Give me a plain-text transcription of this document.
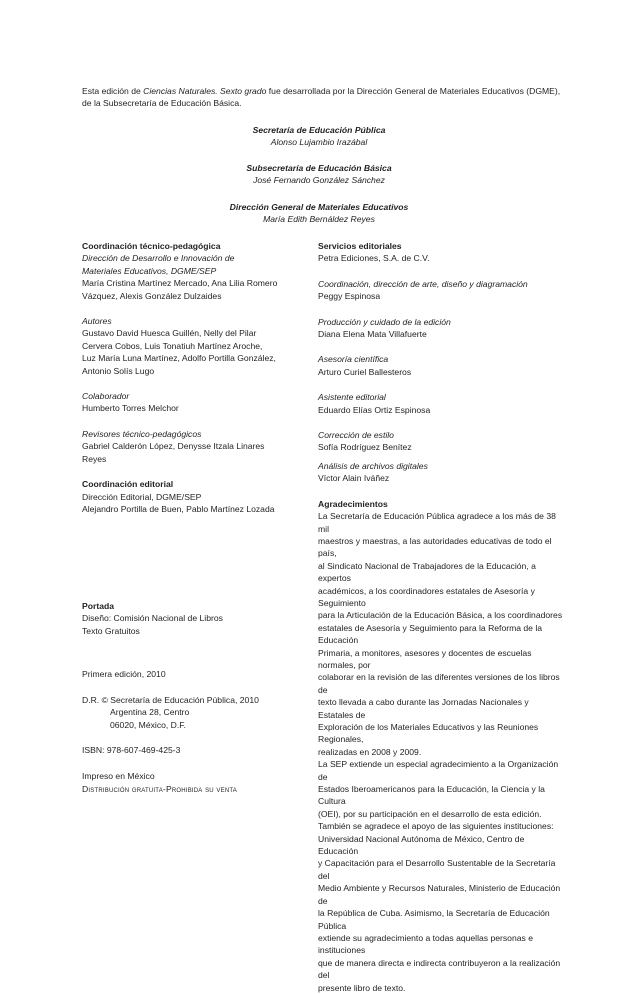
Esta edición de Ciencias Naturales. Sexto grado fue desarrollada por la Dirección General de Materiales Educativos (DGME), de la Subsecretaría de Educación Básica.
Secretaría de Educación Pública
Alonso Lujambio Irazábal
Subsecretaría de Educación Básica
José Fernando González Sánchez
Dirección General de Materiales Educativos
María Edith Bernáldez Reyes
Coordinación técnico-pedagógica
Dirección de Desarrollo e Innovación de
Materiales Educativos, DGME/SEP
María Cristina Martínez Mercado, Ana Lilia Romero
Vázquez, Alexis González Dulzaides
Autores
Gustavo David Huesca Guillén, Nelly del Pilar
Cervera Cobos, Luis Tonatiuh Martínez Aroche,
Luz María Luna Martínez, Adolfo Portilla González,
Antonio Solís Lugo
Colaborador
Humberto Torres Melchor
Revisores técnico-pedagógicos
Gabriel Calderón López, Denysse Itzala Linares
Reyes
Coordinación editorial
Dirección Editorial, DGME/SEP
Alejandro Portilla de Buen, Pablo Martínez Lozada
Portada
Diseño: Comisión Nacional de Libros
Texto Gratuitos
Primera edición, 2010
D.R. © Secretaría de Educación Pública, 2010
Argentina 28, Centro
06020, México, D.F.
ISBN: 978-607-469-425-3
Impreso en México
Distribución gratuita-Prohibida su venta
Servicios editoriales
Petra Ediciones, S.A. de C.V.
Coordinación, dirección de arte, diseño y diagramación
Peggy Espinosa
Producción y cuidado de la edición
Diana Elena Mata Villafuerte
Asesoría científica
Arturo Curiel Ballesteros
Asistente editorial
Eduardo Elías Ortiz Espinosa
Corrección de estilo
Sofía Rodríguez Benítez
Análisis de archivos digitales
Víctor Alain Iváñez
Agradecimientos
La Secretaría de Educación Pública agradece a los más de 38 mil
maestros y maestras, a las autoridades educativas de todo el país,
al Sindicato Nacional de Trabajadores de la Educación, a expertos
académicos, a los coordinadores estatales de Asesoría y Seguimiento
para la Articulación de la Educación Básica, a los coordinadores
estatales de Asesoría y Seguimiento para la Reforma de la Educación
Primaria, a monitores, asesores y docentes de escuelas normales, por
colaborar en la revisión de las diferentes versiones de los libros de
texto llevada a cabo durante las Jornadas Nacionales y Estatales de
Exploración de los Materiales Educativos y las Reuniones Regionales,
realizadas en 2008 y 2009.
La SEP extiende un especial agradecimiento a la Organización de
Estados Iberoamericanos para la Educación, la Ciencia y la Cultura
(OEI), por su participación en el desarrollo de esta edición.
También se agradece el apoyo de las siguientes instituciones:
Universidad Nacional Autónoma de México, Centro de Educación
y Capacitación para el Desarrollo Sustentable de la Secretaría del
Medio Ambiente y Recursos Naturales, Ministerio de Educación de
la República de Cuba. Asimismo, la Secretaría de Educación Pública
extiende su agradecimiento a todas aquellas personas e instituciones
que de manera directa e indirecta contribuyeron a la realización del
presente libro de texto.
